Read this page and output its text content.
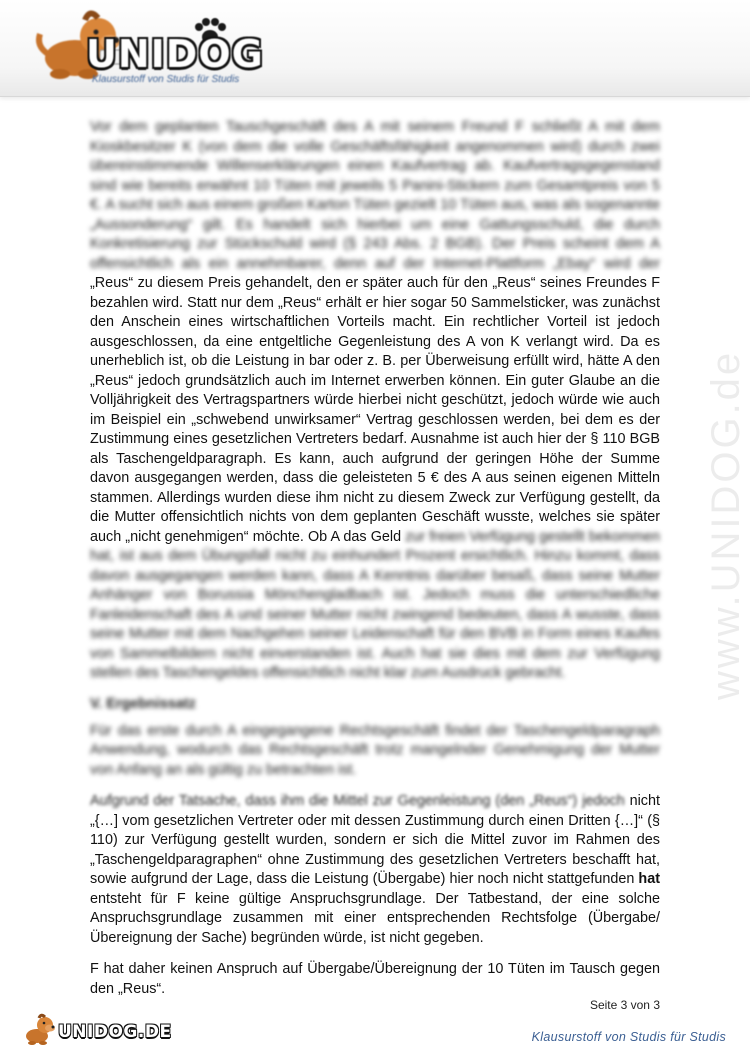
UNIDOG
Klausurstoff von Studis für Studis
www.UNIDOG.de

Vor dem geplanten Tauschgeschäft des A mit seinem Freund F schließt A mit dem Kioskbesitzer K (von dem die volle Geschäftsfähigkeit angenommen wird) durch zwei übereinstimmende Willenserklärungen einen Kaufvertrag ab. Kaufvertragsgegenstand sind wie bereits erwähnt 10 Tüten mit jeweils 5 Panini-Stickern zum Gesamtpreis von 5 €. A sucht sich aus einem großen Karton Tüten gezielt 10 Tüten aus, was als sogenannte „Aussonderung“ gilt. Es handelt sich hierbei um eine Gattungsschuld, die durch Konkretisierung zur Stückschuld wird (§ 243 Abs. 2 BGB). Der Preis scheint dem A offensichtlich als ein annehmbarer, denn auf der Internet-Plattform „Ebay“ wird der „Reus“ zu diesem Preis gehandelt, den er später auch für den „Reus“ seines Freundes F bezahlen wird. Statt nur dem „Reus“ erhält er hier sogar 50 Sammelsticker, was zunächst den Anschein eines wirtschaftlichen Vorteils macht. Ein rechtlicher Vorteil ist jedoch ausgeschlossen, da eine entgeltliche Gegenleistung des A von K verlangt wird. Da es unerheblich ist, ob die Leistung in bar oder z. B. per Überweisung erfüllt wird, hätte A den „Reus“ jedoch grundsätzlich auch im Internet erwerben können. Ein guter Glaube an die Volljährigkeit des Vertragspartners würde hierbei nicht geschützt, jedoch würde wie auch im Beispiel ein „schwebend unwirksamer“ Vertrag geschlossen werden, bei dem es der Zustimmung eines gesetzlichen Vertreters bedarf. Ausnahme ist auch hier der § 110 BGB als Taschengeldparagraph. Es kann, auch aufgrund der geringen Höhe der Summe davon ausgegangen werden, dass die geleisteten 5 € des A aus seinen eigenen Mitteln stammen. Allerdings wurden diese ihm nicht zu diesem Zweck zur Verfügung gestellt, da die Mutter offensichtlich nichts von dem geplanten Geschäft wusste, welches sie später auch „nicht genehmigen“ möchte. Ob A das Geld zur freien Verfügung gestellt bekommen hat, ist aus dem Übungsfall nicht zu einhundert Prozent ersichtlich. Hinzu kommt, dass davon ausgegangen werden kann, dass A Kenntnis darüber besaß, dass seine Mutter Anhänger von Borussia Mönchengladbach ist. Jedoch muss die unterschiedliche Fanleidenschaft des A und seiner Mutter nicht zwingend bedeuten, dass A wusste, dass seine Mutter mit dem Nachgehen seiner Leidenschaft für den BVB in Form eines Kaufes von Sammelbildern nicht einverstanden ist. Auch hat sie dies mit dem zur Verfügung stellen des Taschengeldes offensichtlich nicht klar zum Ausdruck gebracht.

V. Ergebnissatz

Für das erste durch A eingegangene Rechtsgeschäft findet der Taschengeldparagraph Anwendung, wodurch das Rechtsgeschäft trotz mangelnder Genehmigung der Mutter von Anfang an als gültig zu betrachten ist.

Aufgrund der Tatsache, dass ihm die Mittel zur Gegenleistung (den „Reus“) jedoch nicht „{…] vom gesetzlichen Vertreter oder mit dessen Zustimmung durch einen Dritten {…]“ (§ 110) zur Verfügung gestellt wurden, sondern er sich die Mittel zuvor im Rahmen des „Taschengeldparagraphen“ ohne Zustimmung des gesetzlichen Vertreters beschafft hat, sowie aufgrund der Lage, dass die Leistung (Übergabe) hier noch nicht stattgefunden hat entsteht für F keine gültige Anspruchsgrundlage. Der Tatbestand, der eine solche Anspruchsgrundlage zusammen mit einer entsprechenden Rechtsfolge (Übergabe/Übereignung der Sache) begründen würde, ist nicht gegeben.

F hat daher keinen Anspruch auf Übergabe/Übereignung der 10 Tüten im Tausch gegen den „Reus“.

Seite 3 von 3
UNIDOG.DE	Klausurstoff von Studis für Studis
